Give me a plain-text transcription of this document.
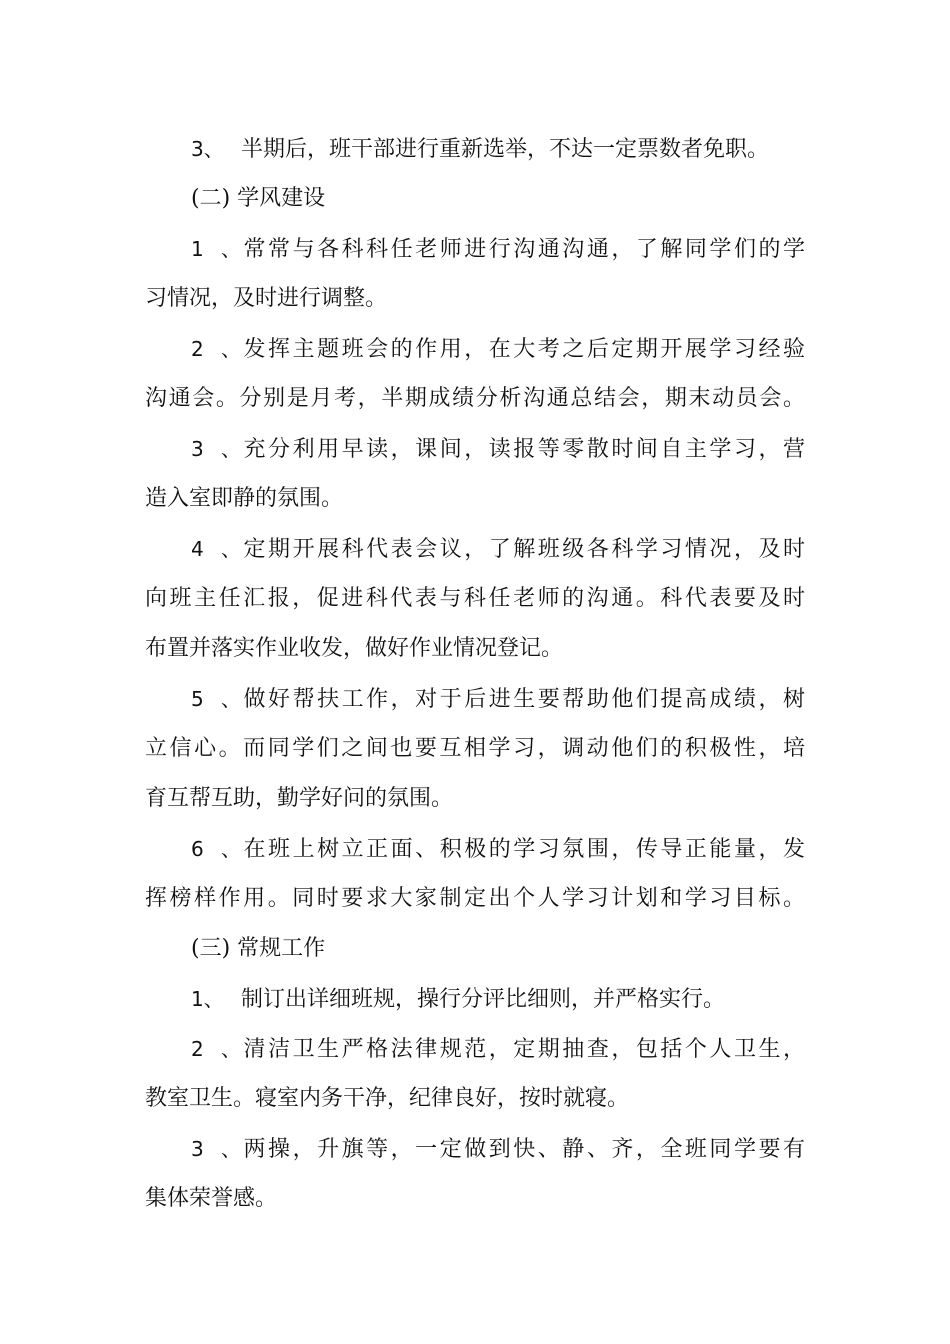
3、 半期后，班干部进行重新选举，不达一定票数者免职。
(二) 学风建设
1、常常与各科科任老师进行沟通沟通，了解同学们的学
习情况，及时进行调整。
2、发挥主题班会的作用，在大考之后定期开展学习经验
沟通会。分别是月考，半期成绩分析沟通总结会，期末动员会。
3、充分利用早读，课间，读报等零散时间自主学习，营
造入室即静的氛围。
4、定期开展科代表会议，了解班级各科学习情况，及时
向班主任汇报，促进科代表与科任老师的沟通。科代表要及时
布置并落实作业收发，做好作业情况登记。
5、做好帮扶工作，对于后进生要帮助他们提高成绩，树
立信心。而同学们之间也要互相学习，调动他们的积极性，培
育互帮互助，勤学好问的氛围。
6、在班上树立正面、积极的学习氛围，传导正能量，发
挥榜样作用。同时要求大家制定出个人学习计划和学习目标。
(三) 常规工作
1、 制订出详细班规，操行分评比细则，并严格实行。
2、清洁卫生严格法律规范，定期抽查，包括个人卫生，
教室卫生。寝室内务干净，纪律良好，按时就寝。
3、两操，升旗等，一定做到快、静、齐，全班同学要有
集体荣誉感。
